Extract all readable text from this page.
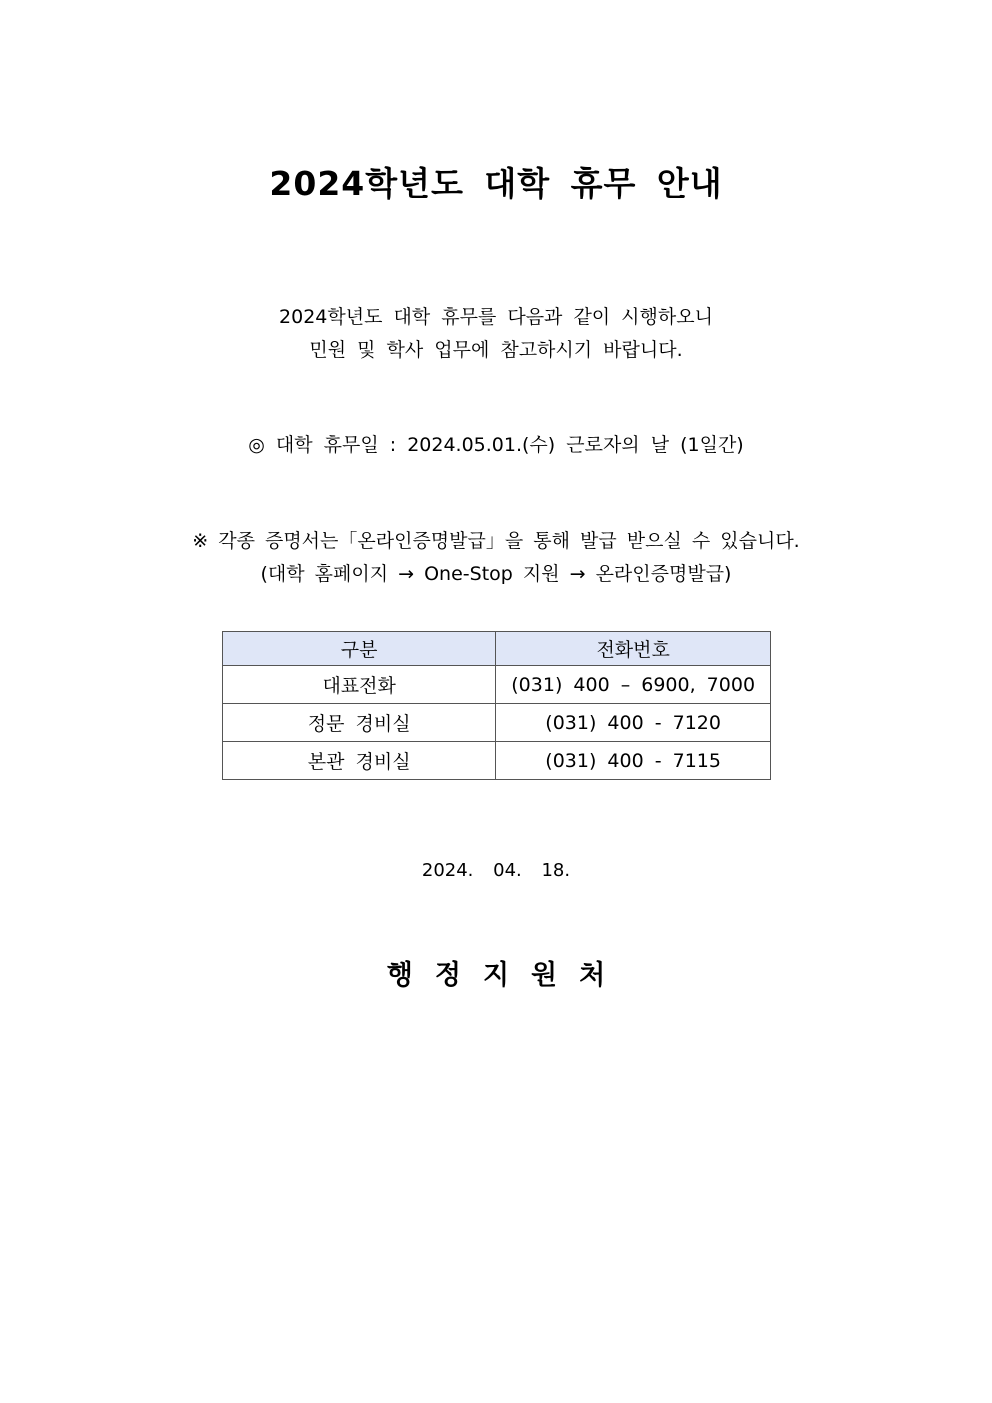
2024학년도 대학 휴무 안내
2024학년도 대학 휴무를 다음과 같이 시행하오니
민원 및 학사 업무에 참고하시기 바랍니다.
◎ 대학 휴무일 : 2024.05.01.(수) 근로자의 날 (1일간)
※ 각종 증명서는「온라인증명발급」을 통해 발급 받으실 수 있습니다.
(대학 홈페이지 → One-Stop 지원 → 온라인증명발급)
구분	전화번호
대표전화	(031) 400 – 6900, 7000
정문 경비실	(031) 400 - 7120
본관 경비실	(031) 400 - 7115
2024. 04. 18.
행정지원처
